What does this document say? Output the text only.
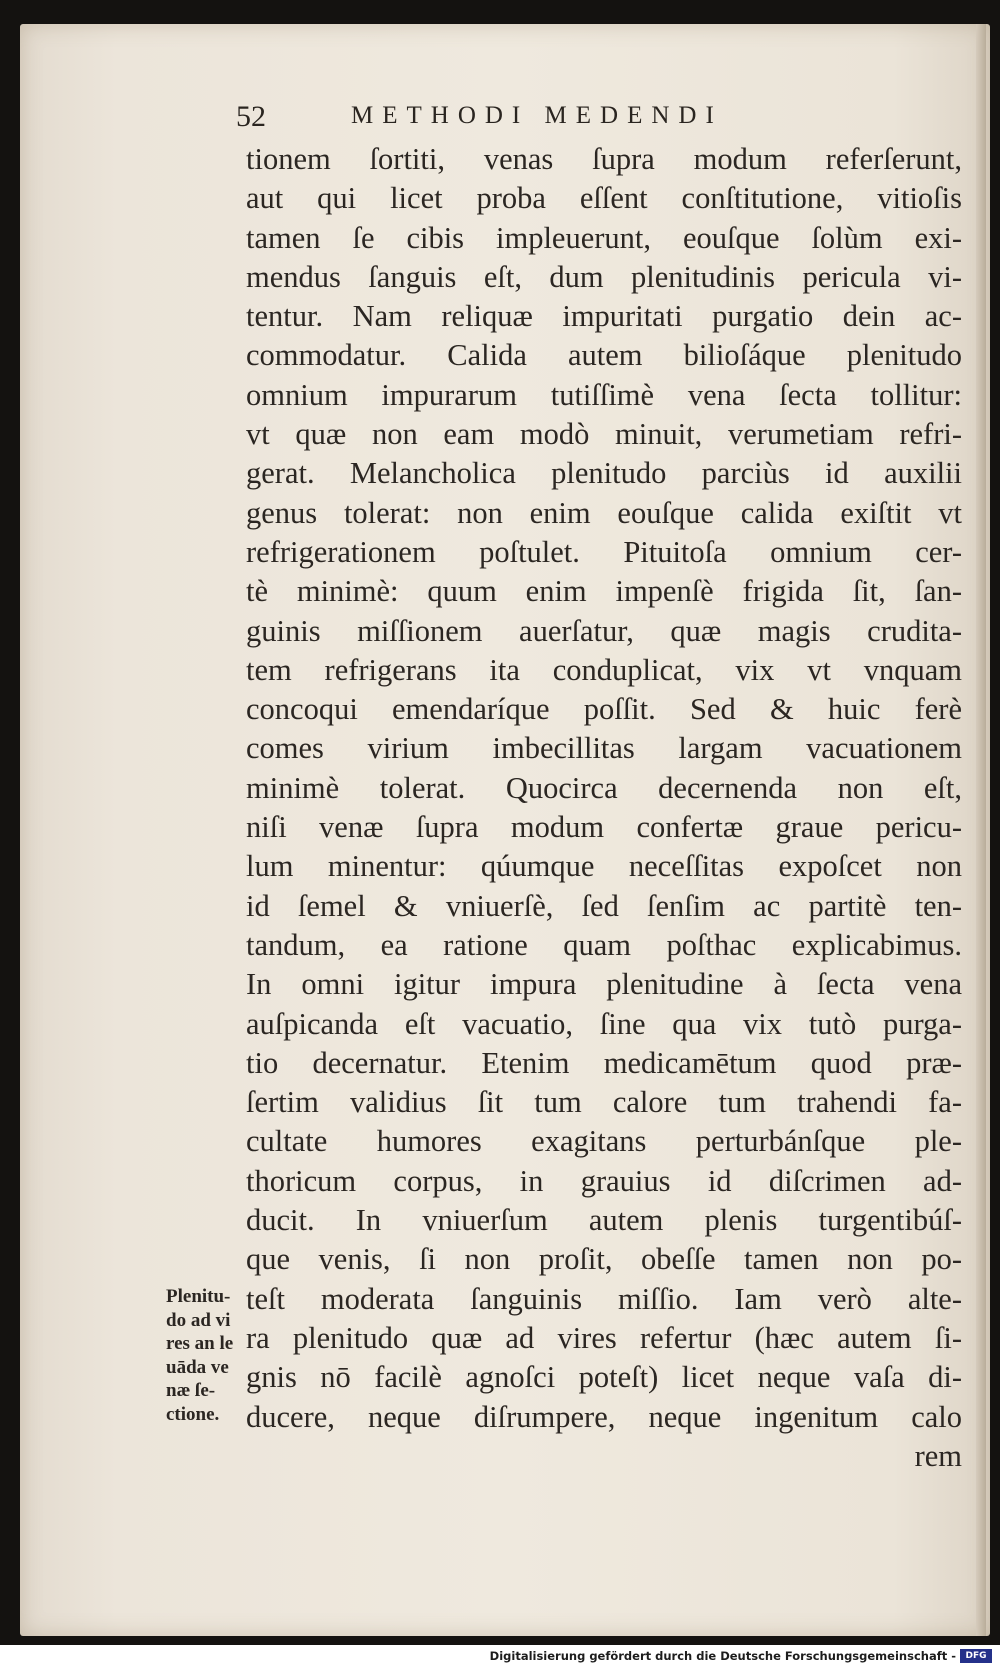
52	METHODI MEDENDI
tionem ſortiti, venas ſupra modum referſerunt,
aut qui licet proba eſſent conſtitutione, vitioſis
tamen ſe cibis impleuerunt, eouſque ſolùm exi-
mendus ſanguis eſt, dum plenitudinis pericula vi-
tentur. Nam reliquæ impuritati purgatio dein ac-
commodatur. Calida autem bilioſáque plenitudo
omnium impurarum tutiſſimè vena ſecta tollitur:
vt quæ non eam modò minuit, verumetiam refri-
gerat. Melancholica plenitudo parciùs id auxilii
genus tolerat: non enim eouſque calida exiſtit vt
refrigerationem poſtulet. Pituitoſa omnium cer-
tè minimè: quum enim impenſè frigida ſit, ſan-
guinis miſſionem auerſatur, quæ magis crudita-
tem refrigerans ita conduplicat, vix vt vnquam
concoqui emendaríque poſſit. Sed & huic ferè
comes virium imbecillitas largam vacuationem
minimè tolerat. Quocirca decernenda non eſt,
niſi venæ ſupra modum confertæ graue pericu-
lum minentur: qúumque neceſſitas expoſcet non
id ſemel & vniuerſè, ſed ſenſim ac partitè ten-
tandum, ea ratione quam poſthac explicabimus.
In omni igitur impura plenitudine à ſecta vena
auſpicanda eſt vacuatio, ſine qua vix tutò purga-
tio decernatur. Etenim medicamētum quod præ-
ſertim validius ſit tum calore tum trahendi fa-
cultate humores exagitans perturbánſque ple-
thoricum corpus, in grauius id diſcrimen ad-
ducit. In vniuerſum autem plenis turgentibúſ-
que venis, ſi non proſit, obeſſe tamen non po-
teſt moderata ſanguinis miſſio. Iam verò alte-
ra plenitudo quæ ad vires refertur (hæc autem ſi-
gnis nō facilè agnoſci poteſt) licet neque vaſa di-
ducere, neque diſrumpere, neque ingenitum calo
rem
Plenitu-
do ad vi
res an le
uāda ve
næ ſe-
ctione.
Digitalisierung gefördert durch die Deutsche Forschungsgemeinschaft -	DFG
